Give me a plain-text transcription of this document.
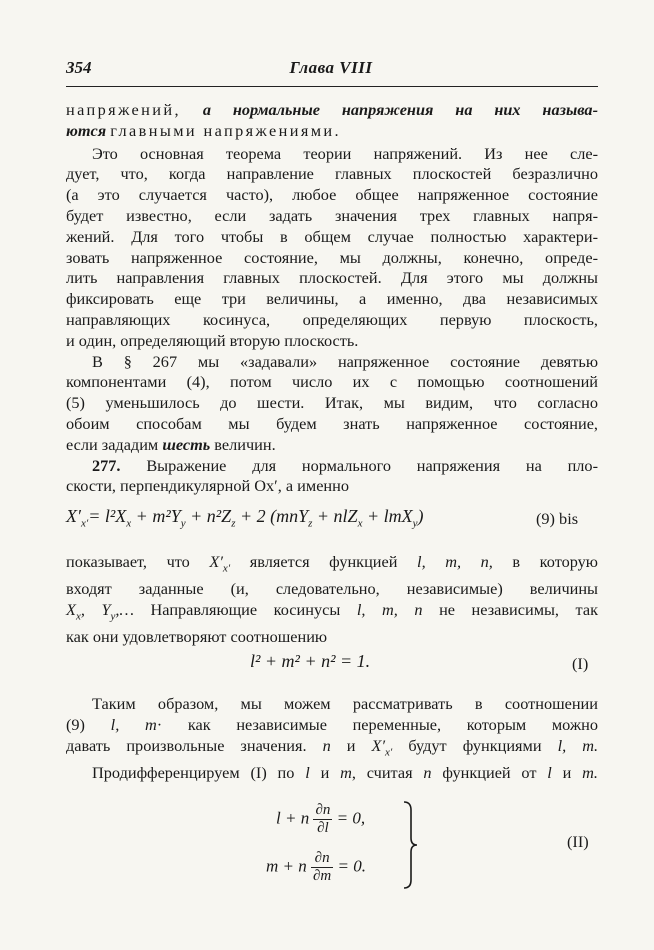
354	Глава VIII
напряжений, а нормальные напряжения на них называ-
ются главными напряжениями.
Это основная теорема теории напряжений. Из нее сле-
дует, что, когда направление главных плоскостей безразлично
(а это случается часто), любое общее напряженное состояние
будет известно, если задать значения трех главных напря-
жений. Для того чтобы в общем случае полностью характери-
зовать напряженное состояние, мы должны, конечно, опреде-
лить направления главных плоскостей. Для этого мы должны
фиксировать еще три величины, а именно, два независимых
направляющих косинуса, определяющих первую плоскость,
и один, определяющий вторую плоскость.
В § 267 мы «задавали» напряженное состояние девятью
компонентами (4), потом число их с помощью соотношений
(5) уменьшилось до шести. Итак, мы видим, что согласно
обоим способам мы будем знать напряженное состояние,
если зададим шесть величин.
277. Выражение для нормального напряжения на пло-
скости, перпендикулярной Ox′, а именно
$X'_{x'}= l^2X_x + m^2Y_y + n^2Z_z + 2$ (mnY$_z$ + nlZ$_x$ + lmX$_y$)	(9) bis
показывает, что $X'_{x'}$ является функцией l, m, n, в которую
входят заданные (и, следовательно, независимые) величины
$X_x$, $Y_y,\dots$ Направляющие косинусы l, m, n не независимы, так
как они удовлетворяют соотношению
l² + m² + n² = 1.	(I)
Таким образом, мы можем рассматривать в соотношении
(9) l, m· как независимые переменные, которым можно
давать произвольные значения. n и $X'_{x'}$ будут функциями l, m.
Продифференцируем (I) по l и m, считая n функцией от l и m.
l + n $\frac{\partial n}{\partial l} = 0$,
m + n $\frac{\partial n}{\partial m} = 0$.
(II)
